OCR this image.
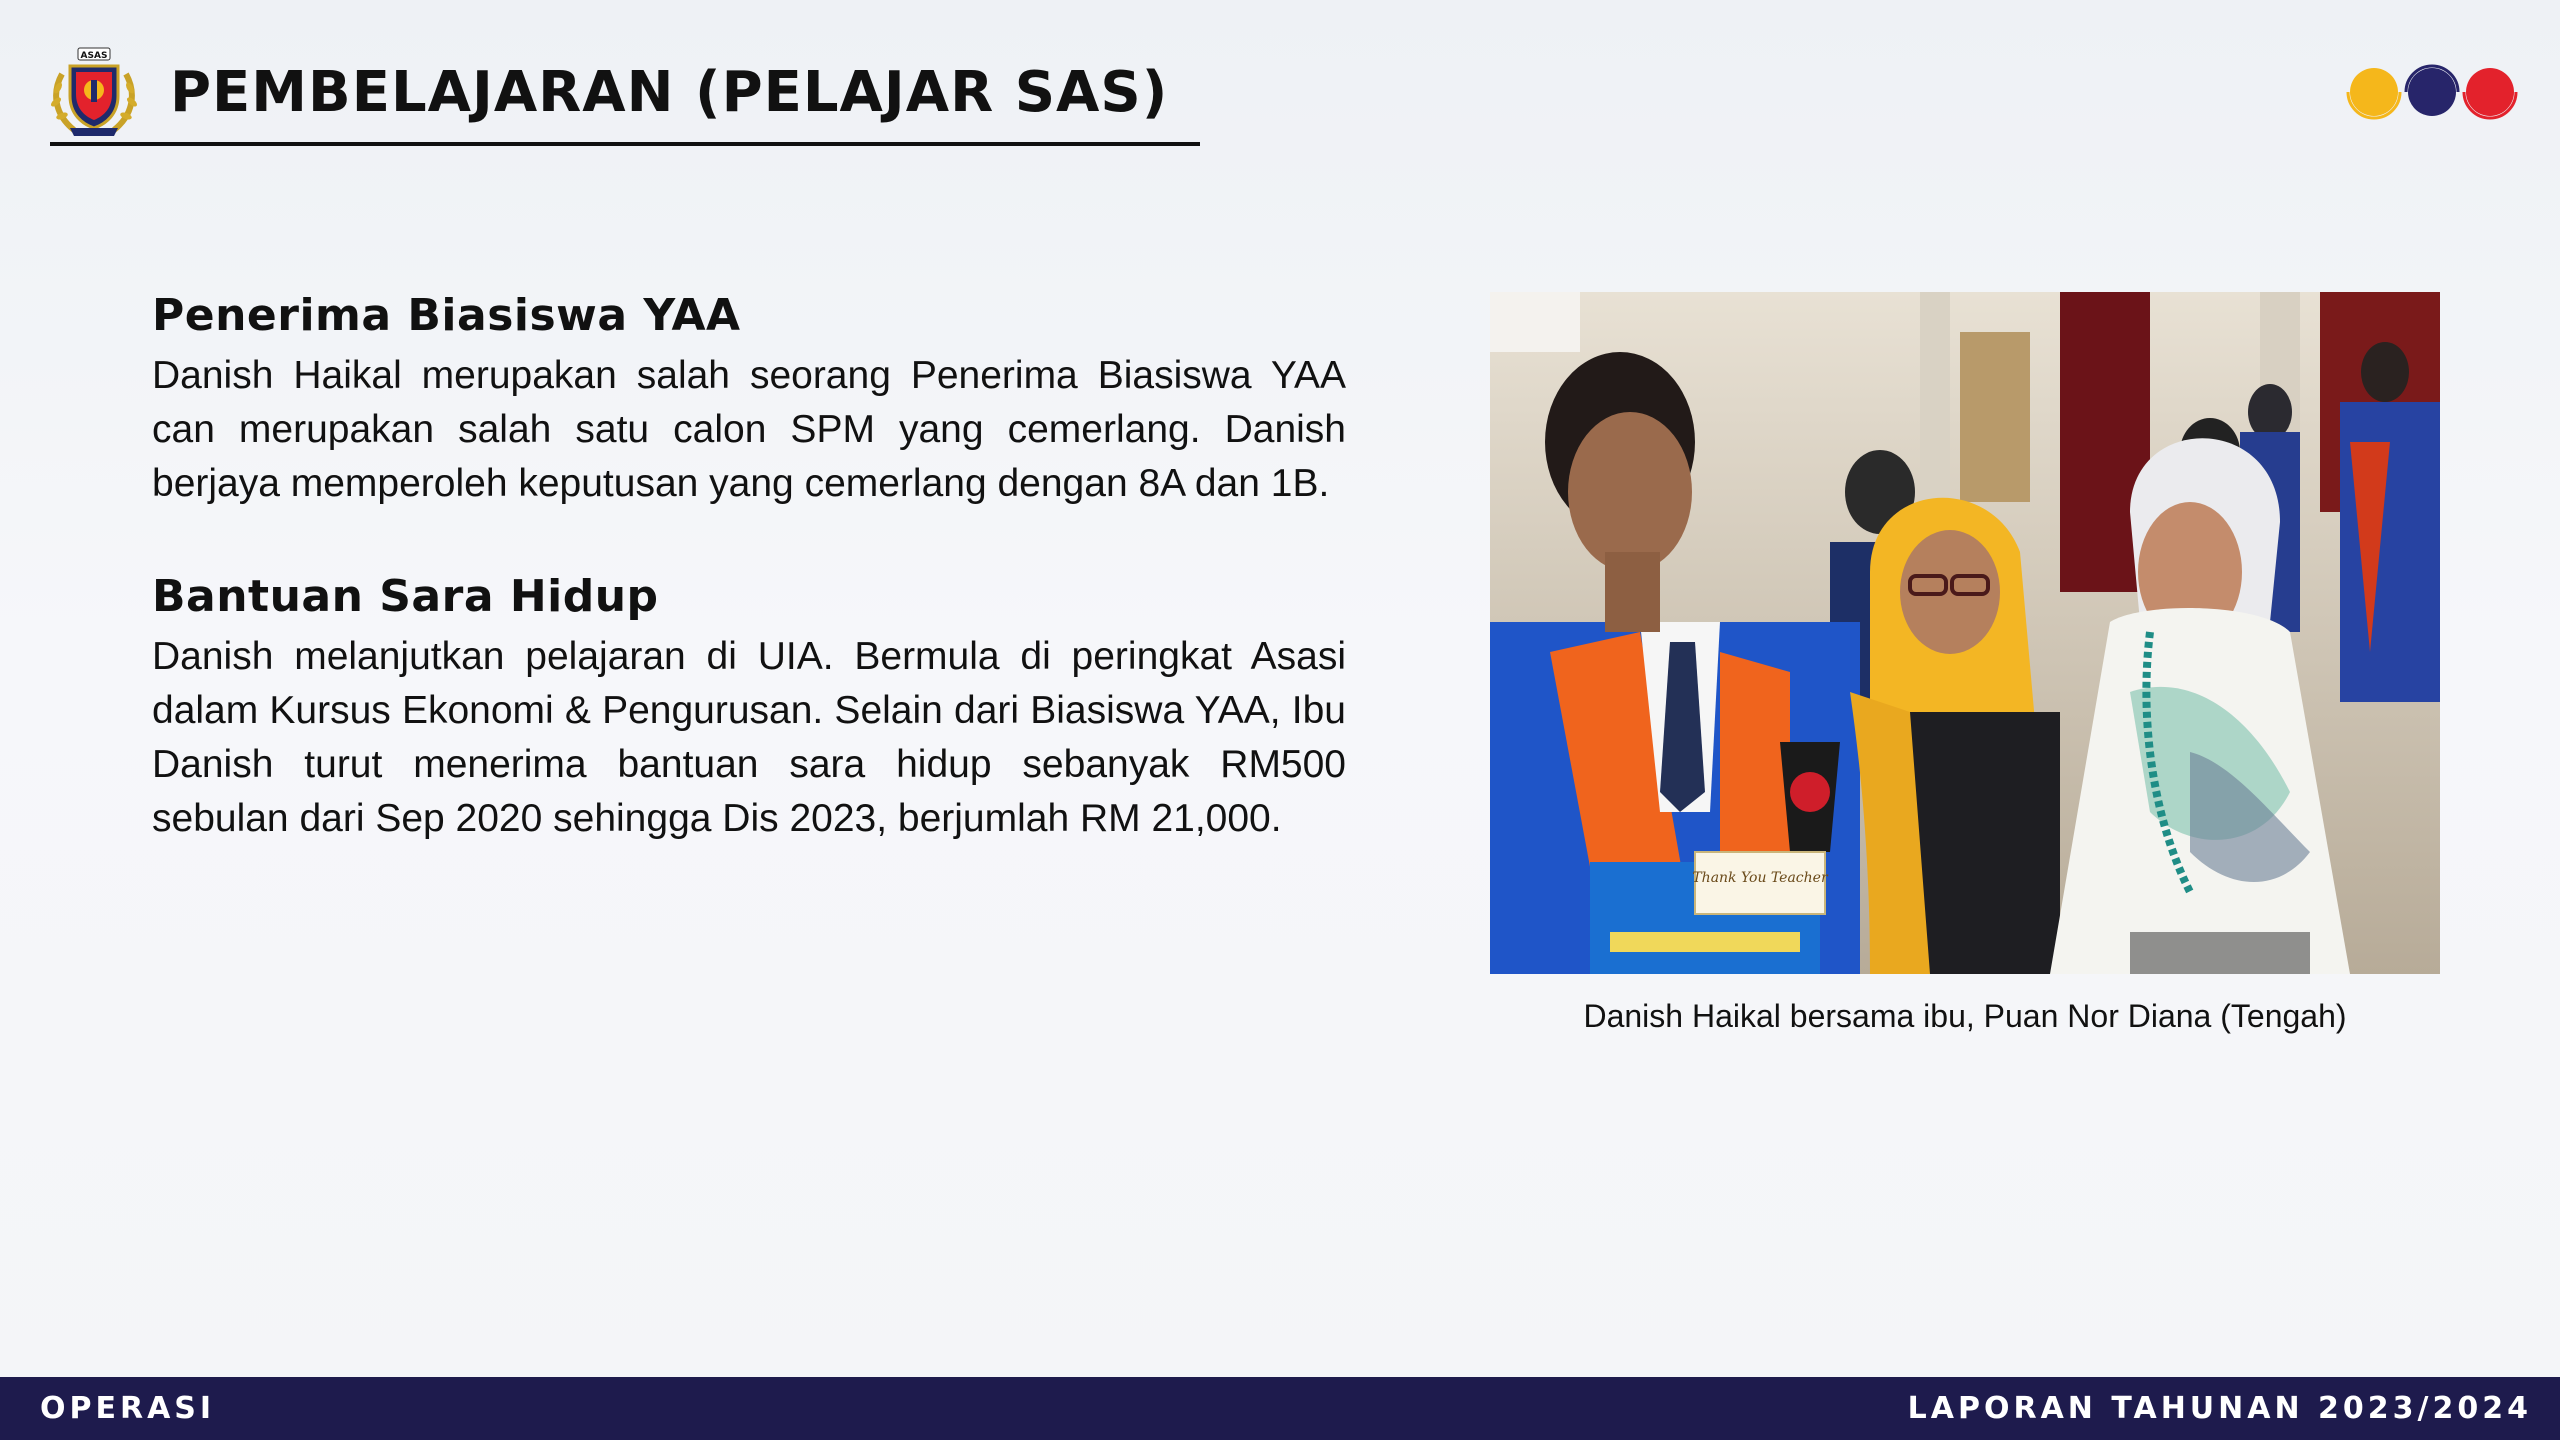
ASAS
PEMBELAJARAN (PELAJAR SAS)
Penerima Biasiswa YAA

Danish Haikal merupakan salah seorang Penerima Biasiswa YAA can merupakan salah satu calon SPM yang cemerlang. Danish berjaya memperoleh keputusan yang cemerlang dengan 8A dan 1B.

Bantuan Sara Hidup

Danish melanjutkan pelajaran di UIA. Bermula di peringkat Asasi dalam Kursus Ekonomi & Pengurusan. Selain dari Biasiswa YAA, Ibu Danish turut menerima bantuan sara hidup sebanyak RM500 sebulan dari Sep 2020 sehingga Dis 2023, berjumlah RM 21,000.

Thank You Teacher
Danish Haikal bersama ibu, Puan Nor Diana (Tengah)
OPERASI	LAPORAN TAHUNAN 2023/2024
